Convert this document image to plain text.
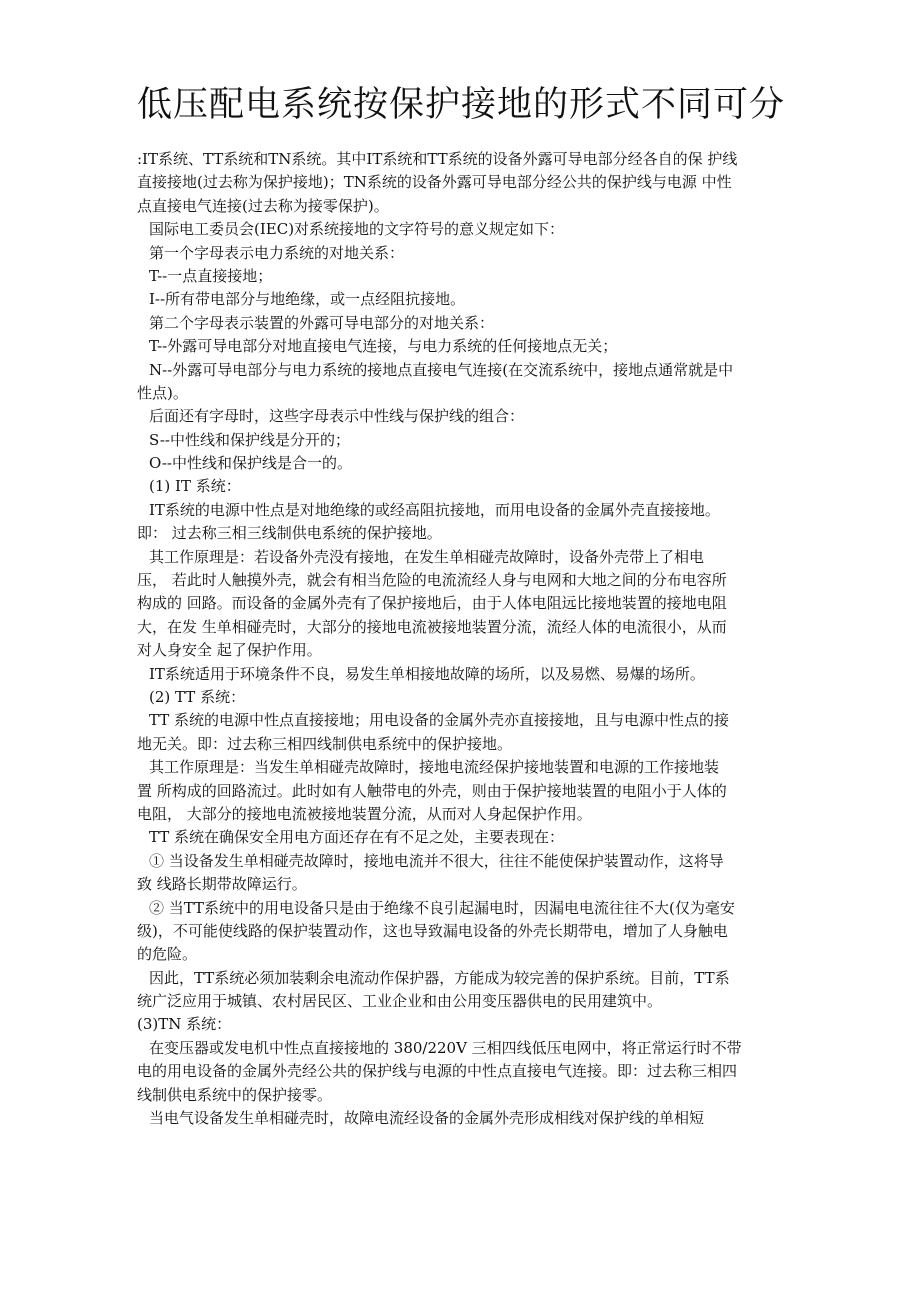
低压配电系统按保护接地的形式不同可分
:IT系统、TT系统和TN系统。其中IT系统和TT系统的设备外露可导电部分经各自的保 护线
直接接地(过去称为保护接地)；TN系统的设备外露可导电部分经公共的保护线与电源 中性
点直接电气连接(过去称为接零保护)。
国际电工委员会(IEC)对系统接地的文字符号的意义规定如下：
第一个字母表示电力系统的对地关系：
T--一点直接接地；
I--所有带电部分与地绝缘，或一点经阻抗接地。
第二个字母表示装置的外露可导电部分的对地关系：
T--外露可导电部分对地直接电气连接，与电力系统的任何接地点无关；
N--外露可导电部分与电力系统的接地点直接电气连接(在交流系统中，接地点通常就是中
性点)。
后面还有字母时，这些字母表示中性线与保护线的组合：
S--中性线和保护线是分开的；
O--中性线和保护线是合一的。
(1) IT 系统：
IT系统的电源中性点是对地绝缘的或经高阻抗接地，而用电设备的金属外壳直接接地。
即： 过去称三相三线制供电系统的保护接地。
其工作原理是：若设备外壳没有接地，在发生单相碰壳故障时，设备外壳带上了相电
压， 若此时人触摸外壳，就会有相当危险的电流流经人身与电网和大地之间的分布电容所
构成的 回路。而设备的金属外壳有了保护接地后，由于人体电阻远比接地装置的接地电阻
大，在发 生单相碰壳时，大部分的接地电流被接地装置分流，流经人体的电流很小，从而
对人身安全 起了保护作用。
IT系统适用于环境条件不良，易发生单相接地故障的场所，以及易燃、易爆的场所。
(2) TT 系统：
TT 系统的电源中性点直接接地；用电设备的金属外壳亦直接接地，且与电源中性点的接
地无关。即：过去称三相四线制供电系统中的保护接地。
其工作原理是：当发生单相碰壳故障时，接地电流经保护接地装置和电源的工作接地装
置 所构成的回路流过。此时如有人触带电的外壳，则由于保护接地装置的电阻小于人体的
电阻， 大部分的接地电流被接地装置分流，从而对人身起保护作用。
TT 系统在确保安全用电方面还存在有不足之处，主要表现在：
① 当设备发生单相碰壳故障时，接地电流并不很大，往往不能使保护装置动作，这将导
致 线路长期带故障运行。
② 当TT系统中的用电设备只是由于绝缘不良引起漏电时，因漏电电流往往不大(仅为毫安
级)，不可能使线路的保护装置动作，这也导致漏电设备的外壳长期带电，增加了人身触电
的危险。
因此，TT系统必须加装剩余电流动作保护器，方能成为较完善的保护系统。目前，TT系
统广泛应用于城镇、农村居民区、工业企业和由公用变压器供电的民用建筑中。
(3)TN 系统：
在变压器或发电机中性点直接接地的 380/220V 三相四线低压电网中，将正常运行时不带
电的用电设备的金属外壳经公共的保护线与电源的中性点直接电气连接。即：过去称三相四
线制供电系统中的保护接零。
当电气设备发生单相碰壳时，故障电流经设备的金属外壳形成相线对保护线的单相短
